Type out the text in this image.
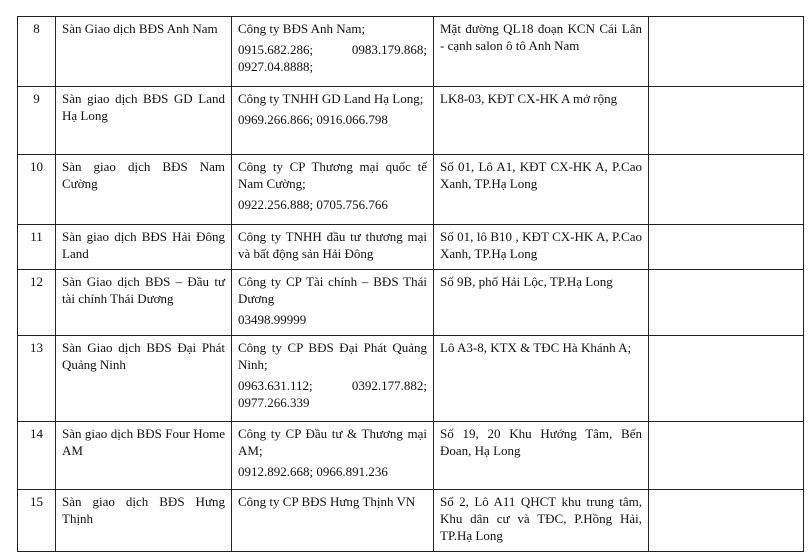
8	Sàn Giao dịch BĐS Anh Nam	Công ty BĐS Anh Nam;
0915.682.286; 0983.179.868;
0927.04.8888;	Mặt đường QL18 đoạn KCN Cái Lân - cạnh salon ô tô Anh Nam	
9	Sàn giao dịch BĐS GD Land Hạ Long	Công ty TNHH GD Land Hạ Long;
0969.266.866; 0916.066.798	LK8-03, KĐT CX-HK A mở rộng	
10	Sàn giao dịch BĐS Nam Cường	Công ty CP Thương mại quốc tế Nam Cường;
0922.256.888; 0705.756.766	Số 01, Lô A1, KĐT CX-HK A, P.Cao Xanh, TP.Hạ Long	
11	Sàn giao dịch BĐS Hải Đông Land	Công ty TNHH đầu tư thương mại và bất động sản Hải Đông	Số 01, lô B10 , KĐT CX-HK A, P.Cao Xanh, TP.Hạ Long	
12	Sàn Giao dịch BĐS – Đầu tư tài chính Thái Dương	Công ty CP Tài chính – BĐS Thái Dương
03498.99999	Số 9B, phố Hải Lộc, TP.Hạ Long	
13	Sàn Giao dịch BĐS Đại Phát Quảng Ninh	Công ty CP BĐS Đại Phát Quảng Ninh;
0963.631.112; 0392.177.882;
0977.266.339	Lô A3-8, KTX & TĐC Hà Khánh A;	
14	Sàn giao dịch BĐS Four Home AM	Công ty CP Đầu tư & Thương mại AM;
0912.892.668; 0966.891.236	Số 19, 20 Khu Hướng Tâm, Bến Đoan, Hạ Long	
15	Sàn giao dịch BĐS Hưng Thịnh	Công ty CP BĐS Hưng Thịnh VN	Số 2, Lô A11 QHCT khu trung tâm, Khu dân cư và TĐC, P.Hồng Hải, TP.Hạ Long	
